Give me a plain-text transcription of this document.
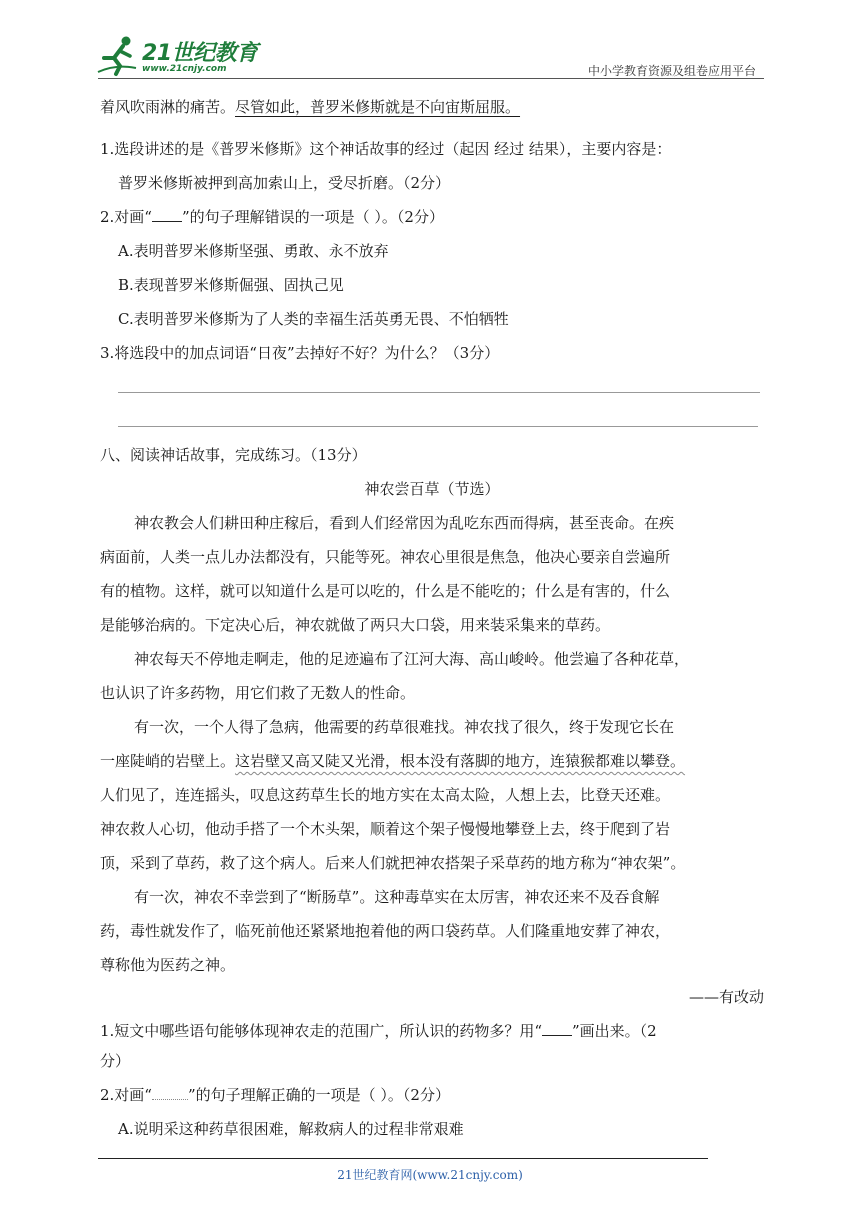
21世纪教育
www.21cnjy.com	中小学教育资源及组卷应用平台
着风吹雨淋的痛苦。尽管如此，普罗米修斯就是不向宙斯屈服。
1.选段讲述的是《普罗米修斯》这个神话故事的经过（起因 经过 结果），主要内容是：
普罗米修斯被押到高加索山上，受尽折磨。（2分）
2.对画“ ”的句子理解错误的一项是（ ）。（2分）
A.表明普罗米修斯坚强、勇敢、永不放弃
B.表现普罗米修斯倔强、固执己见
C.表明普罗米修斯为了人类的幸福生活英勇无畏、不怕牺牲
3.将选段中的加点词语“日夜”去掉好不好？为什么？（3分）
八、阅读神话故事，完成练习。（13分）
神农尝百草（节选）
神农教会人们耕田种庄稼后，看到人们经常因为乱吃东西而得病，甚至丧命。在疾
病面前，人类一点儿办法都没有，只能等死。神农心里很是焦急，他决心要亲自尝遍所
有的植物。这样，就可以知道什么是可以吃的，什么是不能吃的；什么是有害的，什么
是能够治病的。下定决心后，神农就做了两只大口袋，用来装采集来的草药。
神农每天不停地走啊走，他的足迹遍布了江河大海、高山峻岭。他尝遍了各种花草，
也认识了许多药物，用它们救了无数人的性命。
有一次，一个人得了急病，他需要的药草很难找。神农找了很久，终于发现它长在
一座陡峭的岩壁上。这岩壁又高又陡又光滑，根本没有落脚的地方，连猿猴都难以攀登。
人们见了，连连摇头，叹息这药草生长的地方实在太高太险，人想上去，比登天还难。
神农救人心切，他动手搭了一个木头架，顺着这个架子慢慢地攀登上去，终于爬到了岩
顶，采到了草药，救了这个病人。后来人们就把神农搭架子采草药的地方称为“神农架”。
有一次，神农不幸尝到了“断肠草”。这种毒草实在太厉害，神农还来不及吞食解
药，毒性就发作了，临死前他还紧紧地抱着他的两口袋药草。人们隆重地安葬了神农，
尊称他为医药之神。
——有改动
1.短文中哪些语句能够体现神农走的范围广，所认识的药物多？用“ ”画出来。（2
分）
2.对画“ ”的句子理解正确的一项是（ ）。（2分）
A.说明采这种药草很困难，解救病人的过程非常艰难
21世纪教育网(www.21cnjy.com)
